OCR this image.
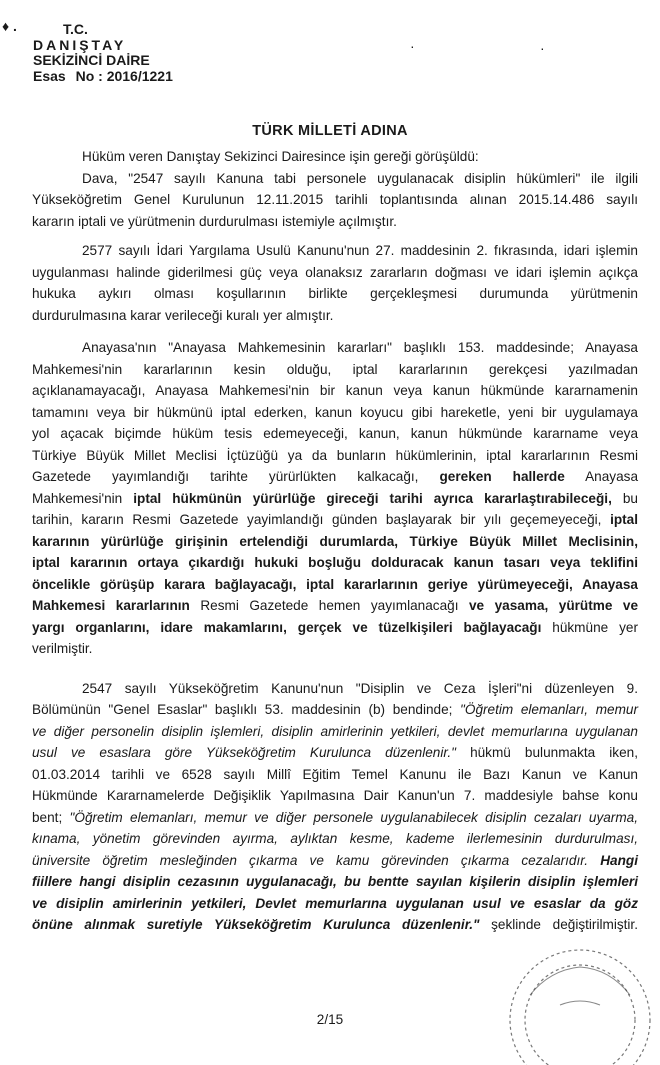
♦ .
·	·
T.C.
DANIŞTAY
SEKİZİNCİ DAİRE
Esas No : 2016/1221
TÜRK MİLLETİ ADINA
Hüküm veren Danıştay Sekizinci Dairesince işin gereği görüşüldü:
Dava, "2547 sayılı Kanuna tabi personele uygulanacak disiplin hükümleri" ile ilgili
Yükseköğretim Genel Kurulunun 12.11.2015 tarihli toplantısında alınan 2015.14.486 sayılı
kararın iptali ve yürütmenin durdurulması istemiyle açılmıştır.
2577 sayılı İdari Yargılama Usulü Kanunu'nun 27. maddesinin 2. fıkrasında, idari işlemin
uygulanması halinde giderilmesi güç veya olanaksız zararların doğması ve idari işlemin açıkça
hukuka aykırı olması koşullarının birlikte gerçekleşmesi durumunda yürütmenin
durdurulmasına karar verileceği kuralı yer almıştır.
Anayasa'nın "Anayasa Mahkemesinin kararları" başlıklı 153. maddesinde; Anayasa
Mahkemesi'nin kararlarının kesin olduğu, iptal kararlarının gerekçesi yazılmadan
açıklanamayacağı, Anayasa Mahkemesi'nin bir kanun veya kanun hükmünde kararnamenin
tamamını veya bir hükmünü iptal ederken, kanun koyucu gibi hareketle, yeni bir uygulamaya
yol açacak biçimde hüküm tesis edemeyeceği, kanun, kanun hükmünde kararname veya
Türkiye Büyük Millet Meclisi İçtüzüğü ya da bunların hükümlerinin, iptal kararlarının Resmi
Gazetede yayımlandığı tarihte yürürlükten kalkacağı, gereken hallerde Anayasa
Mahkemesi'nin iptal hükmünün yürürlüğe gireceği tarihi ayrıca kararlaştırabileceği, bu
tarihin, kararın Resmi Gazetede yayimlandığı günden başlayarak bir yılı geçemeyeceği, iptal
kararının yürürlüğe girişinin ertelendiği durumlarda, Türkiye Büyük Millet Meclisinin,
iptal kararının ortaya çıkardığı hukuki boşluğu dolduracak kanun tasarı veya teklifini
öncelikle görüşüp karara bağlayacağı, iptal kararlarının geriye yürümeyeceği, Anayasa
Mahkemesi kararlarının Resmi Gazetede hemen yayımlanacağı ve yasama, yürütme ve
yargı organlarını, idare makamlarını, gerçek ve tüzelkişileri bağlayacağı hükmüne yer
verilmiştir.
2547 sayılı Yükseköğretim Kanunu'nun "Disiplin ve Ceza İşleri"ni düzenleyen 9.
Bölümünün "Genel Esaslar" başlıklı 53. maddesinin (b) bendinde; "Öğretim elemanları, memur
ve diğer personelin disiplin işlemleri, disiplin amirlerinin yetkileri, devlet memurlarına uygulanan
usul ve esaslara göre Yükseköğretim Kurulunca düzenlenir." hükmü bulunmakta iken,
01.03.2014 tarihli ve 6528 sayılı Millî Eğitim Temel Kanunu ile Bazı Kanun ve Kanun
Hükmünde Kararnamelerde Değişiklik Yapılmasına Dair Kanun'un 7. maddesiyle bahse konu
bent; "Öğretim elemanları, memur ve diğer personele uygulanabilecek disiplin cezaları uyarma,
kınama, yönetim görevinden ayırma, aylıktan kesme, kademe ilerlemesinin durdurulması,
üniversite öğretim mesleğinden çıkarma ve kamu görevinden çıkarma cezalarıdır. Hangi
fiillere hangi disiplin cezasının uygulanacağı, bu bentte sayılan kişilerin disiplin işlemleri
ve disiplin amirlerinin yetkileri, Devlet memurlarına uygulanan usul ve esaslar da göz
önüne alınmak suretiyle Yükseköğretim Kurulunca düzenlenir." şeklinde değiştirilmiştir.
2/15
